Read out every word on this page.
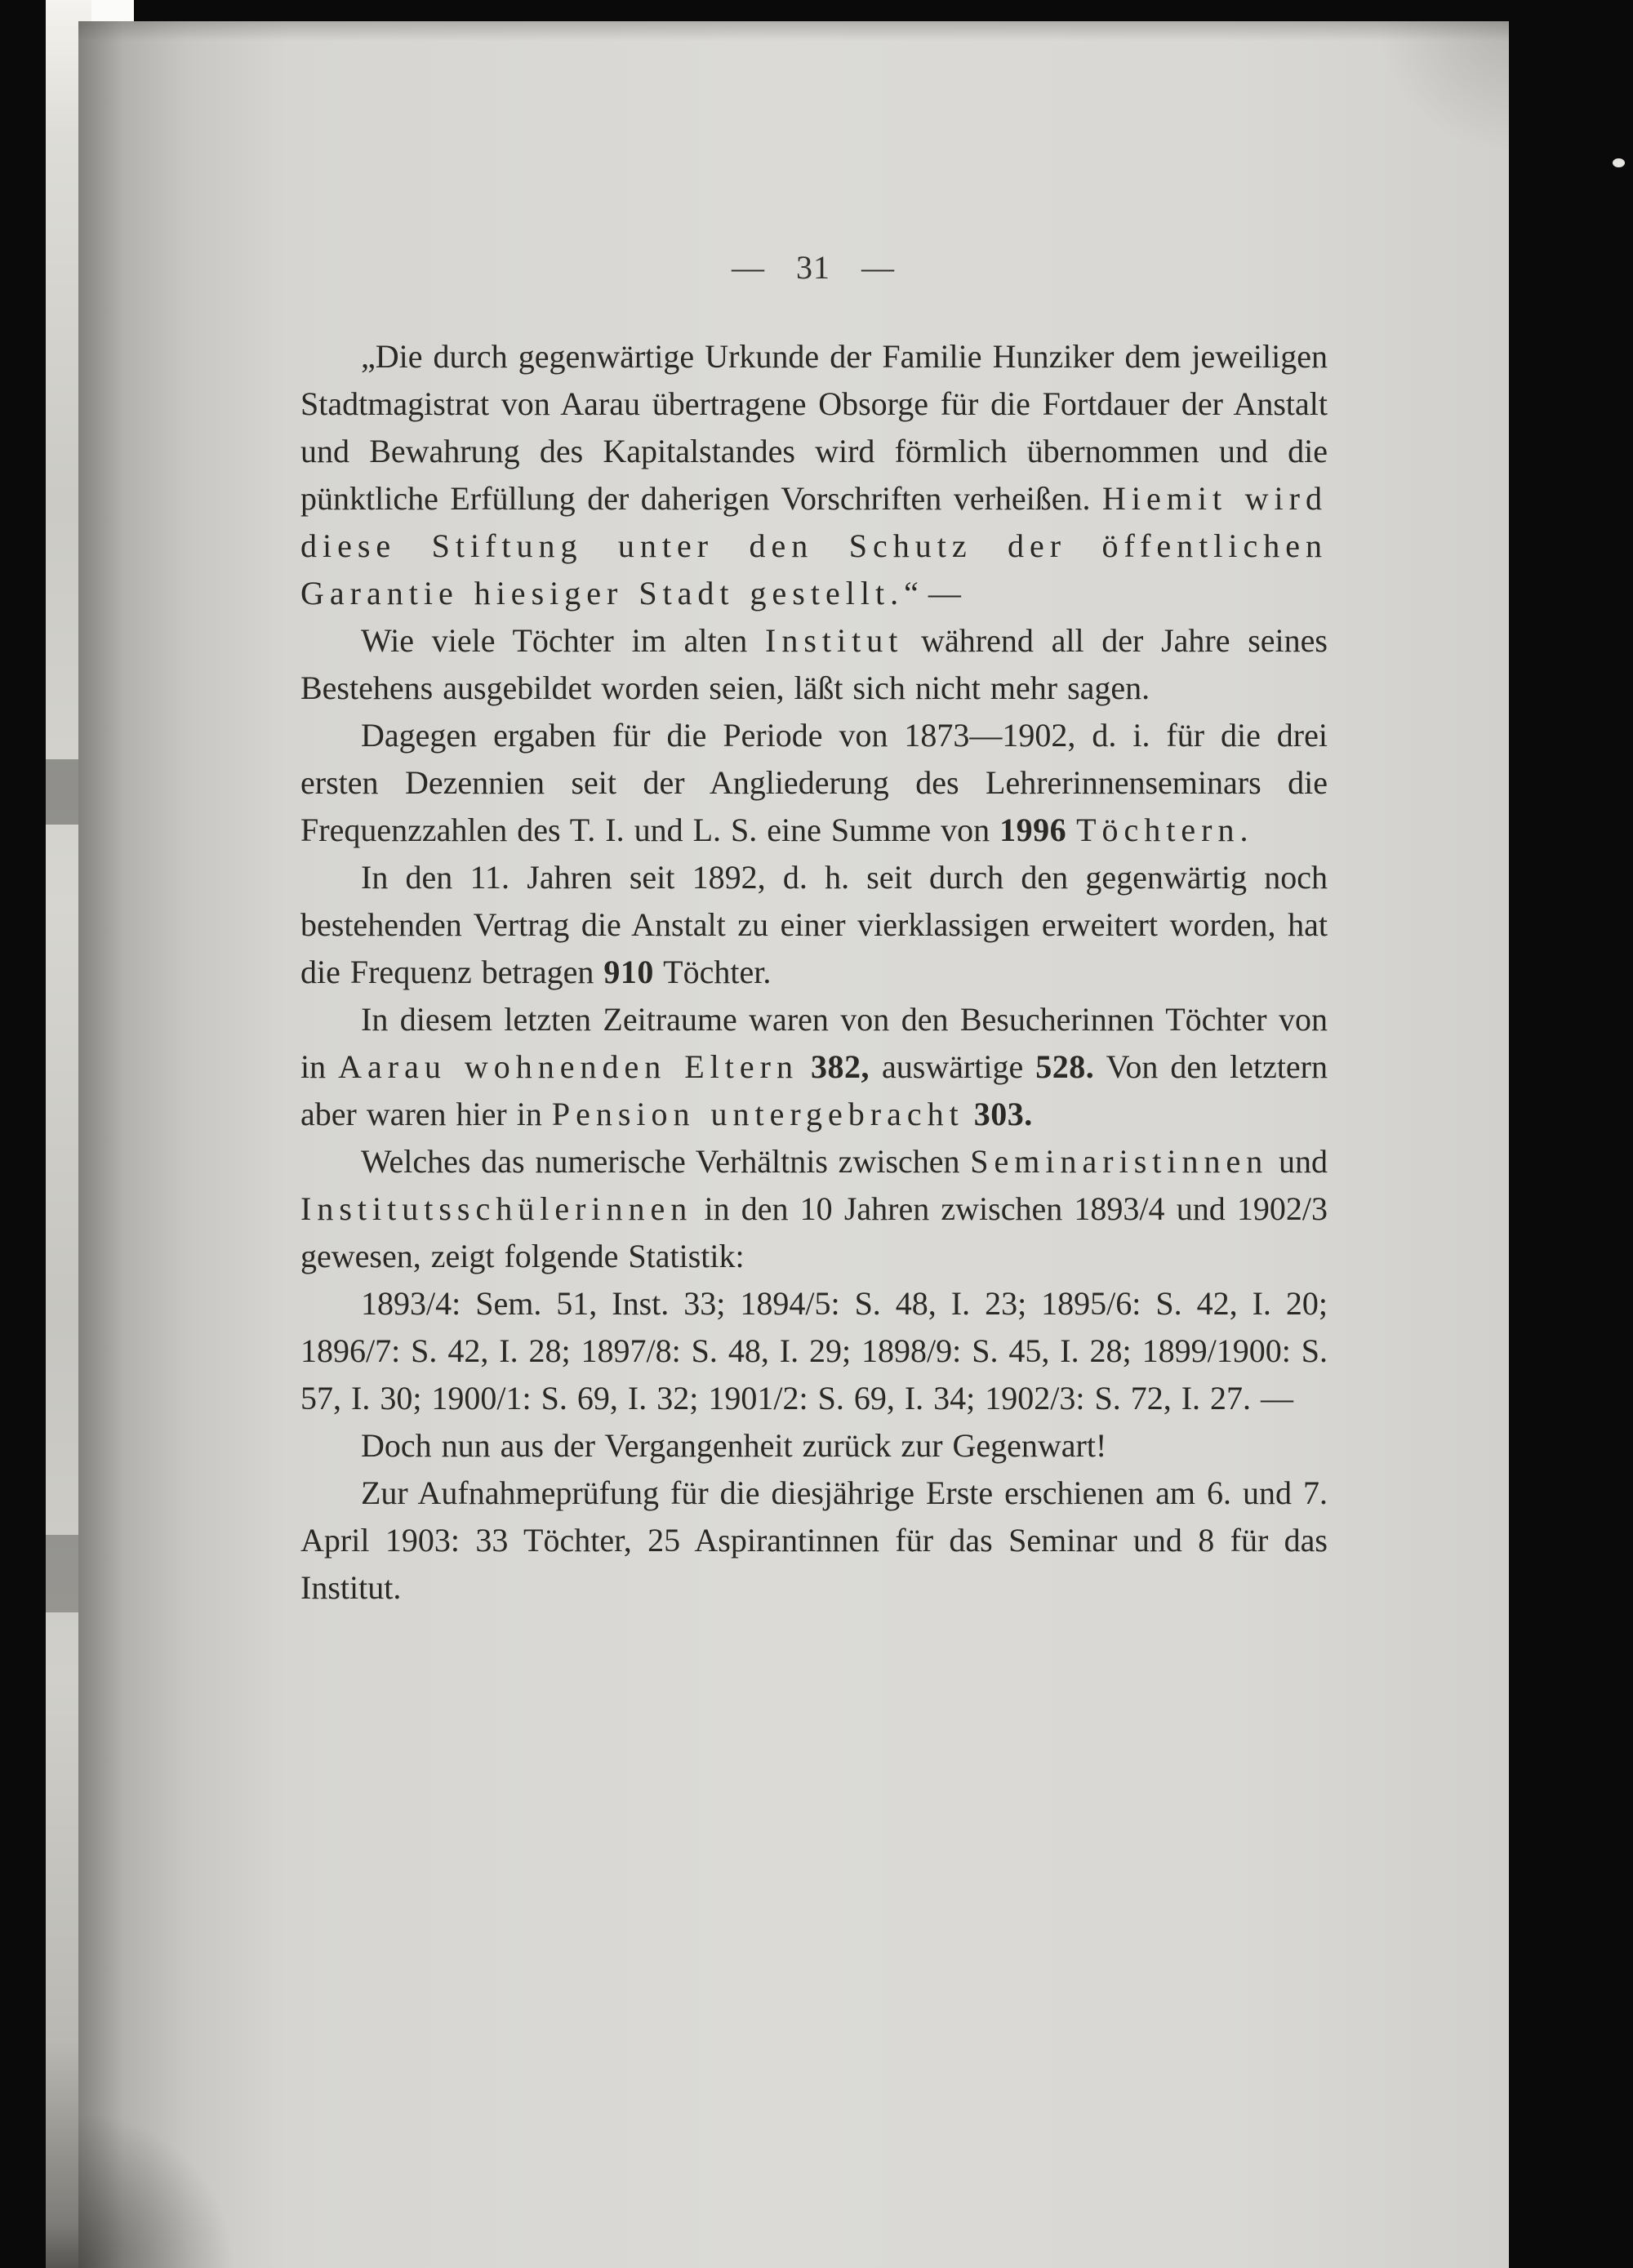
— 31 —

„Die durch gegenwärtige Urkunde der Familie Hunziker dem jeweiligen Stadtmagistrat von Aarau übertragene Obsorge für die Fortdauer der Anstalt und Bewahrung des Kapitalstandes wird förmlich übernommen und die pünktliche Erfüllung der daherigen Vorschriften verheißen. Hiemit wird diese Stiftung unter den Schutz der öffentlichen Garantie hiesiger Stadt gestellt.“ —

Wie viele Töchter im alten Institut während all der Jahre seines Bestehens ausgebildet worden seien, läßt sich nicht mehr sagen.

Dagegen ergaben für die Periode von 1873—1902, d. i. für die drei ersten Dezennien seit der Angliederung des Lehrerinnenseminars die Frequenzzahlen des T. I. und L. S. eine Summe von 1996 Töchtern.

In den 11. Jahren seit 1892, d. h. seit durch den gegenwärtig noch bestehenden Vertrag die Anstalt zu einer vierklassigen erweitert worden, hat die Frequenz betragen 910 Töchter.

In diesem letzten Zeitraume waren von den Besucherinnen Töchter von in Aarau wohnenden Eltern 382, auswärtige 528. Von den letztern aber waren hier in Pension untergebracht 303.

Welches das numerische Verhältnis zwischen Seminaristinnen und Institutsschülerinnen in den 10 Jahren zwischen 1893/4 und 1902/3 gewesen, zeigt folgende Statistik:

1893/4: Sem. 51, Inst. 33; 1894/5: S. 48, I. 23; 1895/6: S. 42, I. 20; 1896/7: S. 42, I. 28; 1897/8: S. 48, I. 29; 1898/9: S. 45, I. 28; 1899/1900: S. 57, I. 30; 1900/1: S. 69, I. 32; 1901/2: S. 69, I. 34; 1902/3: S. 72, I. 27. —

Doch nun aus der Vergangenheit zurück zur Gegenwart!

Zur Aufnahmeprüfung für die diesjährige Erste erschienen am 6. und 7. April 1903: 33 Töchter, 25 Aspirantinnen für das Seminar und 8 für das Institut.
